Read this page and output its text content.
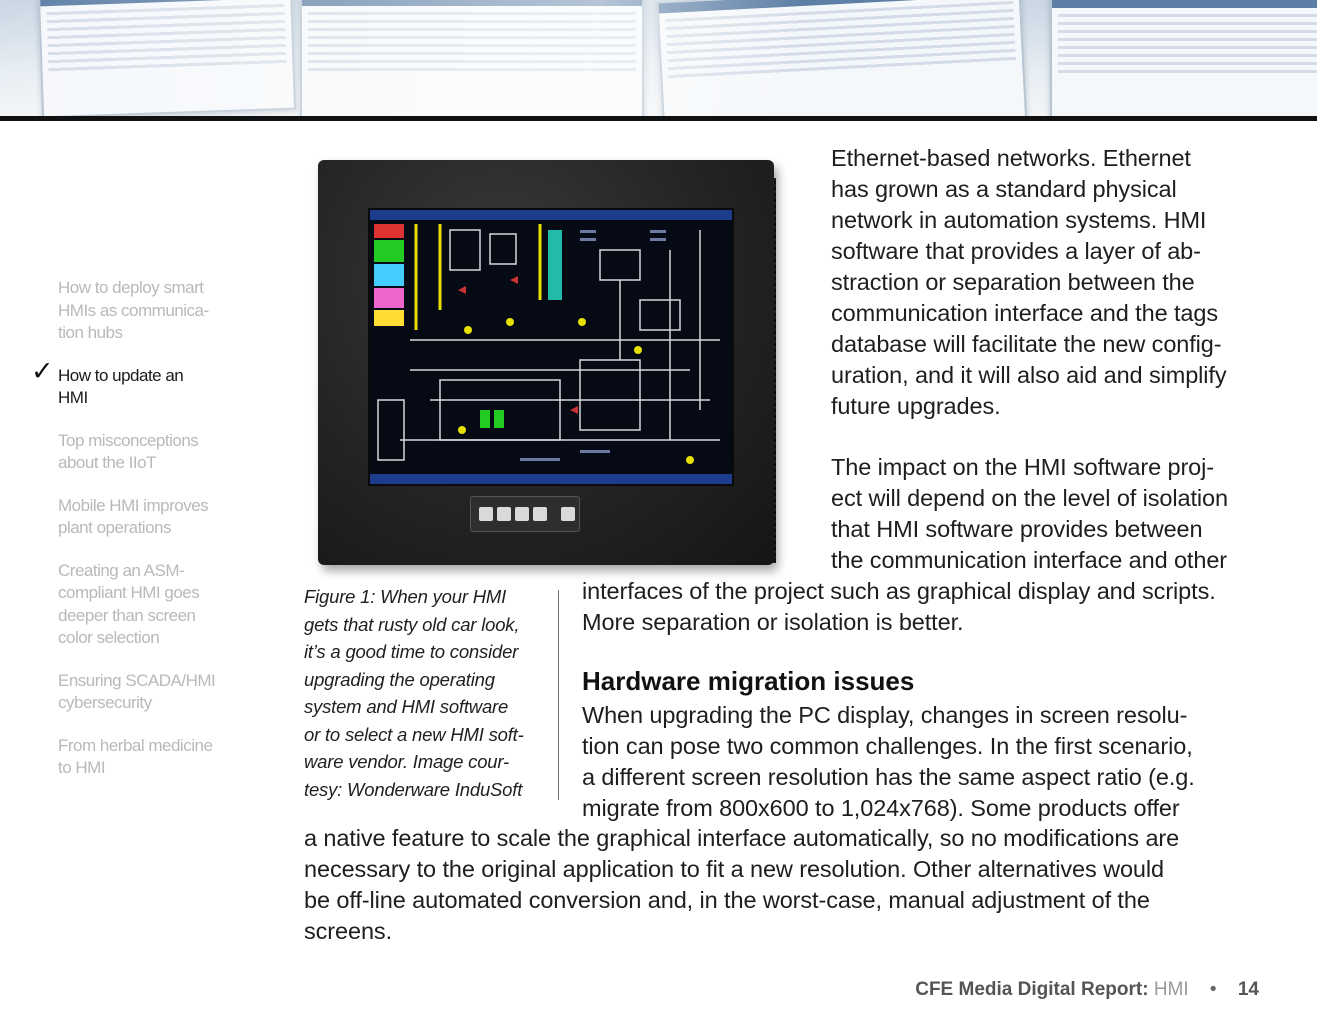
How to deploy smart
HMIs as communica-
tion hubs
✓ How to update an
HMI
Top misconceptions
about the IIoT
Mobile HMI improves
plant operations
Creating an ASM-
compliant HMI goes
deeper than screen
color selection
Ensuring SCADA/HMI
cybersecurity
From herbal medicine
to HMI
Figure 1: When your HMI
gets that rusty old car look,
it’s a good time to consider
upgrading the operating
system and HMI software
or to select a new HMI soft-
ware vendor. Image cour-
tesy: Wonderware InduSoft
Ethernet-based networks. Ethernet
has grown as a standard physical
network in automation systems. HMI
software that provides a layer of ab-
straction or separation between the
communication interface and the tags
database will facilitate the new config-
uration, and it will also aid and simplify
future upgrades.
The impact on the HMI software proj-
ect will depend on the level of isolation
that HMI software provides between
the communication interface and other
interfaces of the project such as graphical display and scripts.
More separation or isolation is better.
Hardware migration issues
When upgrading the PC display, changes in screen resolu-
tion can pose two common challenges. In the first scenario,
a different screen resolution has the same aspect ratio (e.g.
migrate from 800x600 to 1,024x768). Some products offer
a native feature to scale the graphical interface automatically, so no modifications are
necessary to the original application to fit a new resolution. Other alternatives would
be off-line automated conversion and, in the worst-case, manual adjustment of the
screens.
CFE Media Digital Report: HMI • 14
